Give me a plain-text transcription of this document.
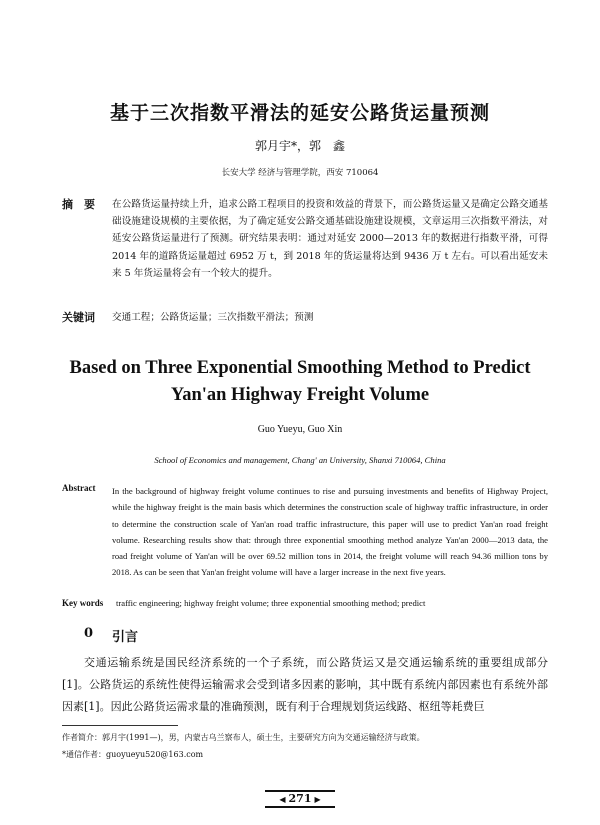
基于三次指数平滑法的延安公路货运量预测
郭月宇*，郭　鑫
长安大学 经济与管理学院，西安 710064
摘　要	在公路货运量持续上升，追求公路工程项目的投资和效益的背景下，而公路货运量又是确定公路交通基础设施建设规模的主要依据，为了确定延安公路交通基础设施建设规模，文章运用三次指数平滑法，对延安公路货运量进行了预测。研究结果表明：通过对延安 2000—2013 年的数据进行指数平滑，可得 2014 年的道路货运量超过 6952 万 t，到 2018 年的货运量将达到 9436 万 t 左右。可以看出延安未来 5 年货运量将会有一个较大的提升。
关键词	交通工程；公路货运量；三次指数平滑法；预测
Based on Three Exponential Smoothing Method to Predict
Yan'an Highway Freight Volume
Guo Yueyu, Guo Xin
School of Economics and management, Chang' an University, Shanxi 710064, China
Abstract	In the background of highway freight volume continues to rise and pursuing investments and benefits of Highway Project, while the highway freight is the main basis which determines the construction scale of highway traffic infrastructure, in order to determine the construction scale of Yan'an road traffic infrastructure, this paper will use to predict Yan'an road freight volume. Researching results show that: through three exponential smoothing method analyze Yan'an 2000—2013 data, the road freight volume of Yan'an will be over 69.52 million tons in 2014, the freight volume will reach 94.36 million tons by 2018. As can be seen that Yan'an freight volume will have a larger increase in the next five years.
Key words	traffic engineering; highway freight volume; three exponential smoothing method; predict
0 引言
交通运输系统是国民经济系统的一个子系统，而公路货运又是交通运输系统的重要组成部分[1]。公路货运的系统性使得运输需求会受到诸多因素的影响，其中既有系统内部因素也有系统外部因素[1]。因此公路货运需求量的准确预测，既有利于合理规划货运线路、枢纽等耗费巨
作者简介：郭月宇(1991—)，男，内蒙古乌兰察布人，硕士生，主要研究方向为交通运输经济与政策。
*通信作者：guoyueyu520@163.com
◀ 271 ▶
